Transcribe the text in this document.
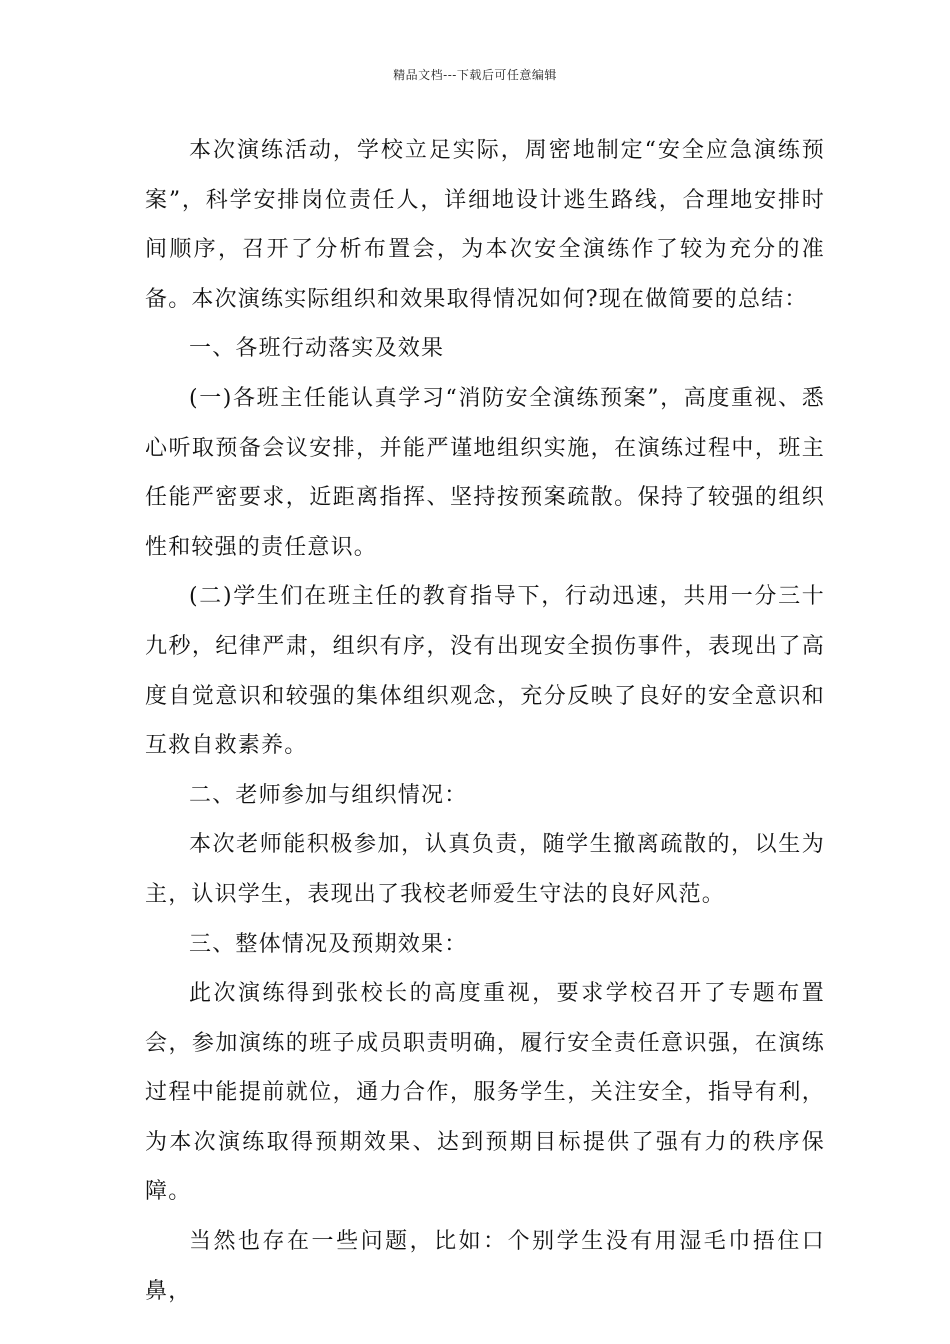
精品文档---下载后可任意编辑

本次演练活动，学校立足实际，周密地制定“安全应急演练预案”，科学安排岗位责任人，详细地设计逃生路线，合理地安排时间顺序，召开了分析布置会，为本次安全演练作了较为充分的准备。本次演练实际组织和效果取得情况如何?现在做简要的总结：

一、各班行动落实及效果

(一)各班主任能认真学习“消防安全演练预案”，高度重视、悉心听取预备会议安排，并能严谨地组织实施，在演练过程中，班主任能严密要求，近距离指挥、坚持按预案疏散。保持了较强的组织性和较强的责任意识。

(二)学生们在班主任的教育指导下，行动迅速，共用一分三十九秒，纪律严肃，组织有序，没有出现安全损伤事件，表现出了高度自觉意识和较强的集体组织观念，充分反映了良好的安全意识和互救自救素养。

二、老师参加与组织情况：

本次老师能积极参加，认真负责，随学生撤离疏散的，以生为主，认识学生，表现出了我校老师爱生守法的良好风范。

三、整体情况及预期效果：

此次演练得到张校长的高度重视，要求学校召开了专题布置会，参加演练的班子成员职责明确，履行安全责任意识强，在演练过程中能提前就位，通力合作，服务学生，关注安全，指导有利，为本次演练取得预期效果、达到预期目标提供了强有力的秩序保障。

当然也存在一些问题，比如：个别学生没有用湿毛巾捂住口鼻，
